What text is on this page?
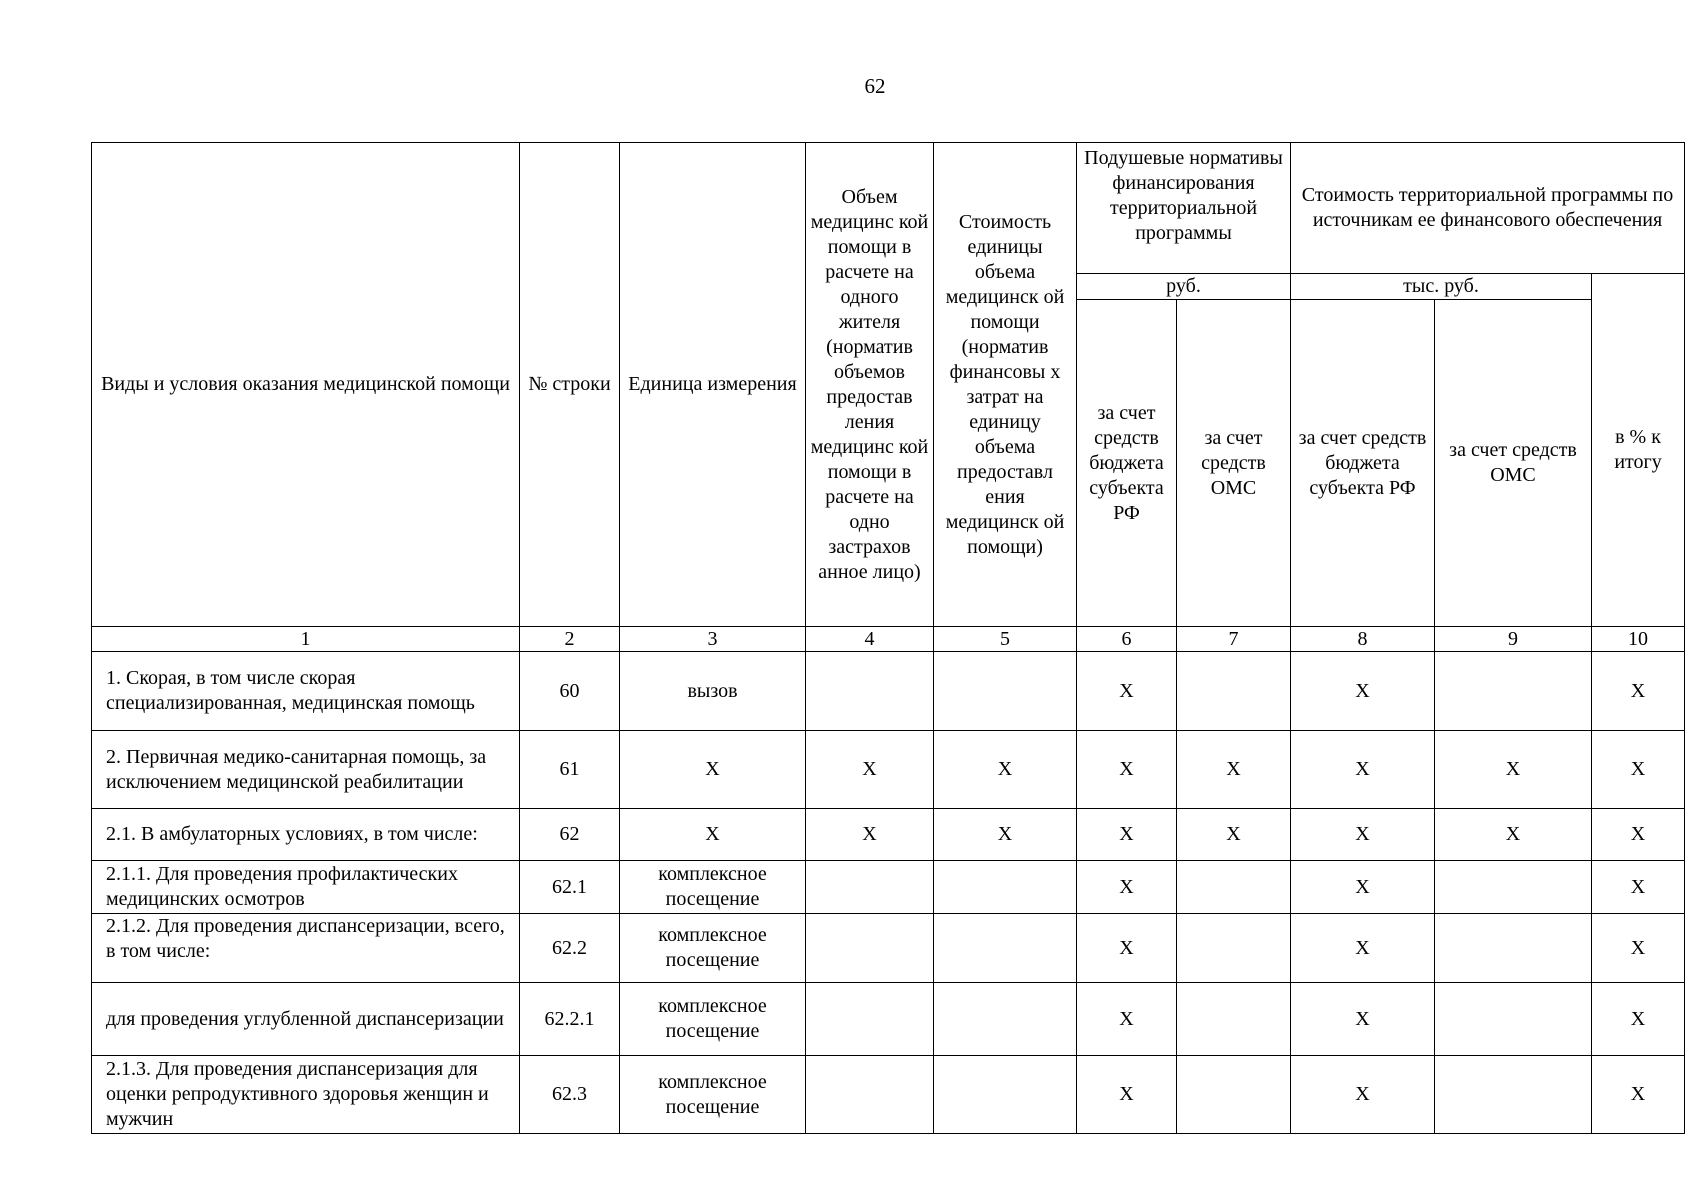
62
Виды и условия оказания медицинской помощи	№ строки	Единица измерения	Объем медицинс кой помощи в расчете на одного жителя (норматив объемов предостав ления медицинс кой помощи в расчете на одно застрахов анное лицо)	Стоимость единицы объема медицинск ой помощи (норматив финансовы х затрат на единицу объема предоставл ения медицинск ой помощи)	Подушевые нормативы финансирования территориальной программы		Стоимость территориальной программы по источникам ее финансового обеспечения		
					руб.		тыс. руб.		в % к итогу
					за счет средств бюджета субъекта РФ	за счет средств ОМС	за счет средств бюджета субъекта РФ	за счет средств ОМС	
1	2	3	4	5	6	7	8	9	10
1. Скорая, в том числе скорая специализированная, медицинская помощь	60	вызов			Х		Х		Х
2. Первичная медико-санитарная помощь, за исключением медицинской реабилитации	61	Х	Х	Х	Х	Х	Х	Х	Х
2.1. В амбулаторных условиях, в том числе:	62	Х	Х	Х	Х	Х	Х	Х	Х
2.1.1. Для проведения профилактических медицинских осмотров	62.1	комплексное посещение			Х		Х		Х
2.1.2. Для проведения диспансеризации, всего, в том числе:	62.2	комплексное посещение			Х		Х		Х
для проведения углубленной диспансеризации	62.2.1	комплексное посещение			Х		Х		Х
2.1.3. Для проведения диспансеризация для оценки репродуктивного здоровья женщин и мужчин	62.3	комплексное посещение			Х		Х		Х
